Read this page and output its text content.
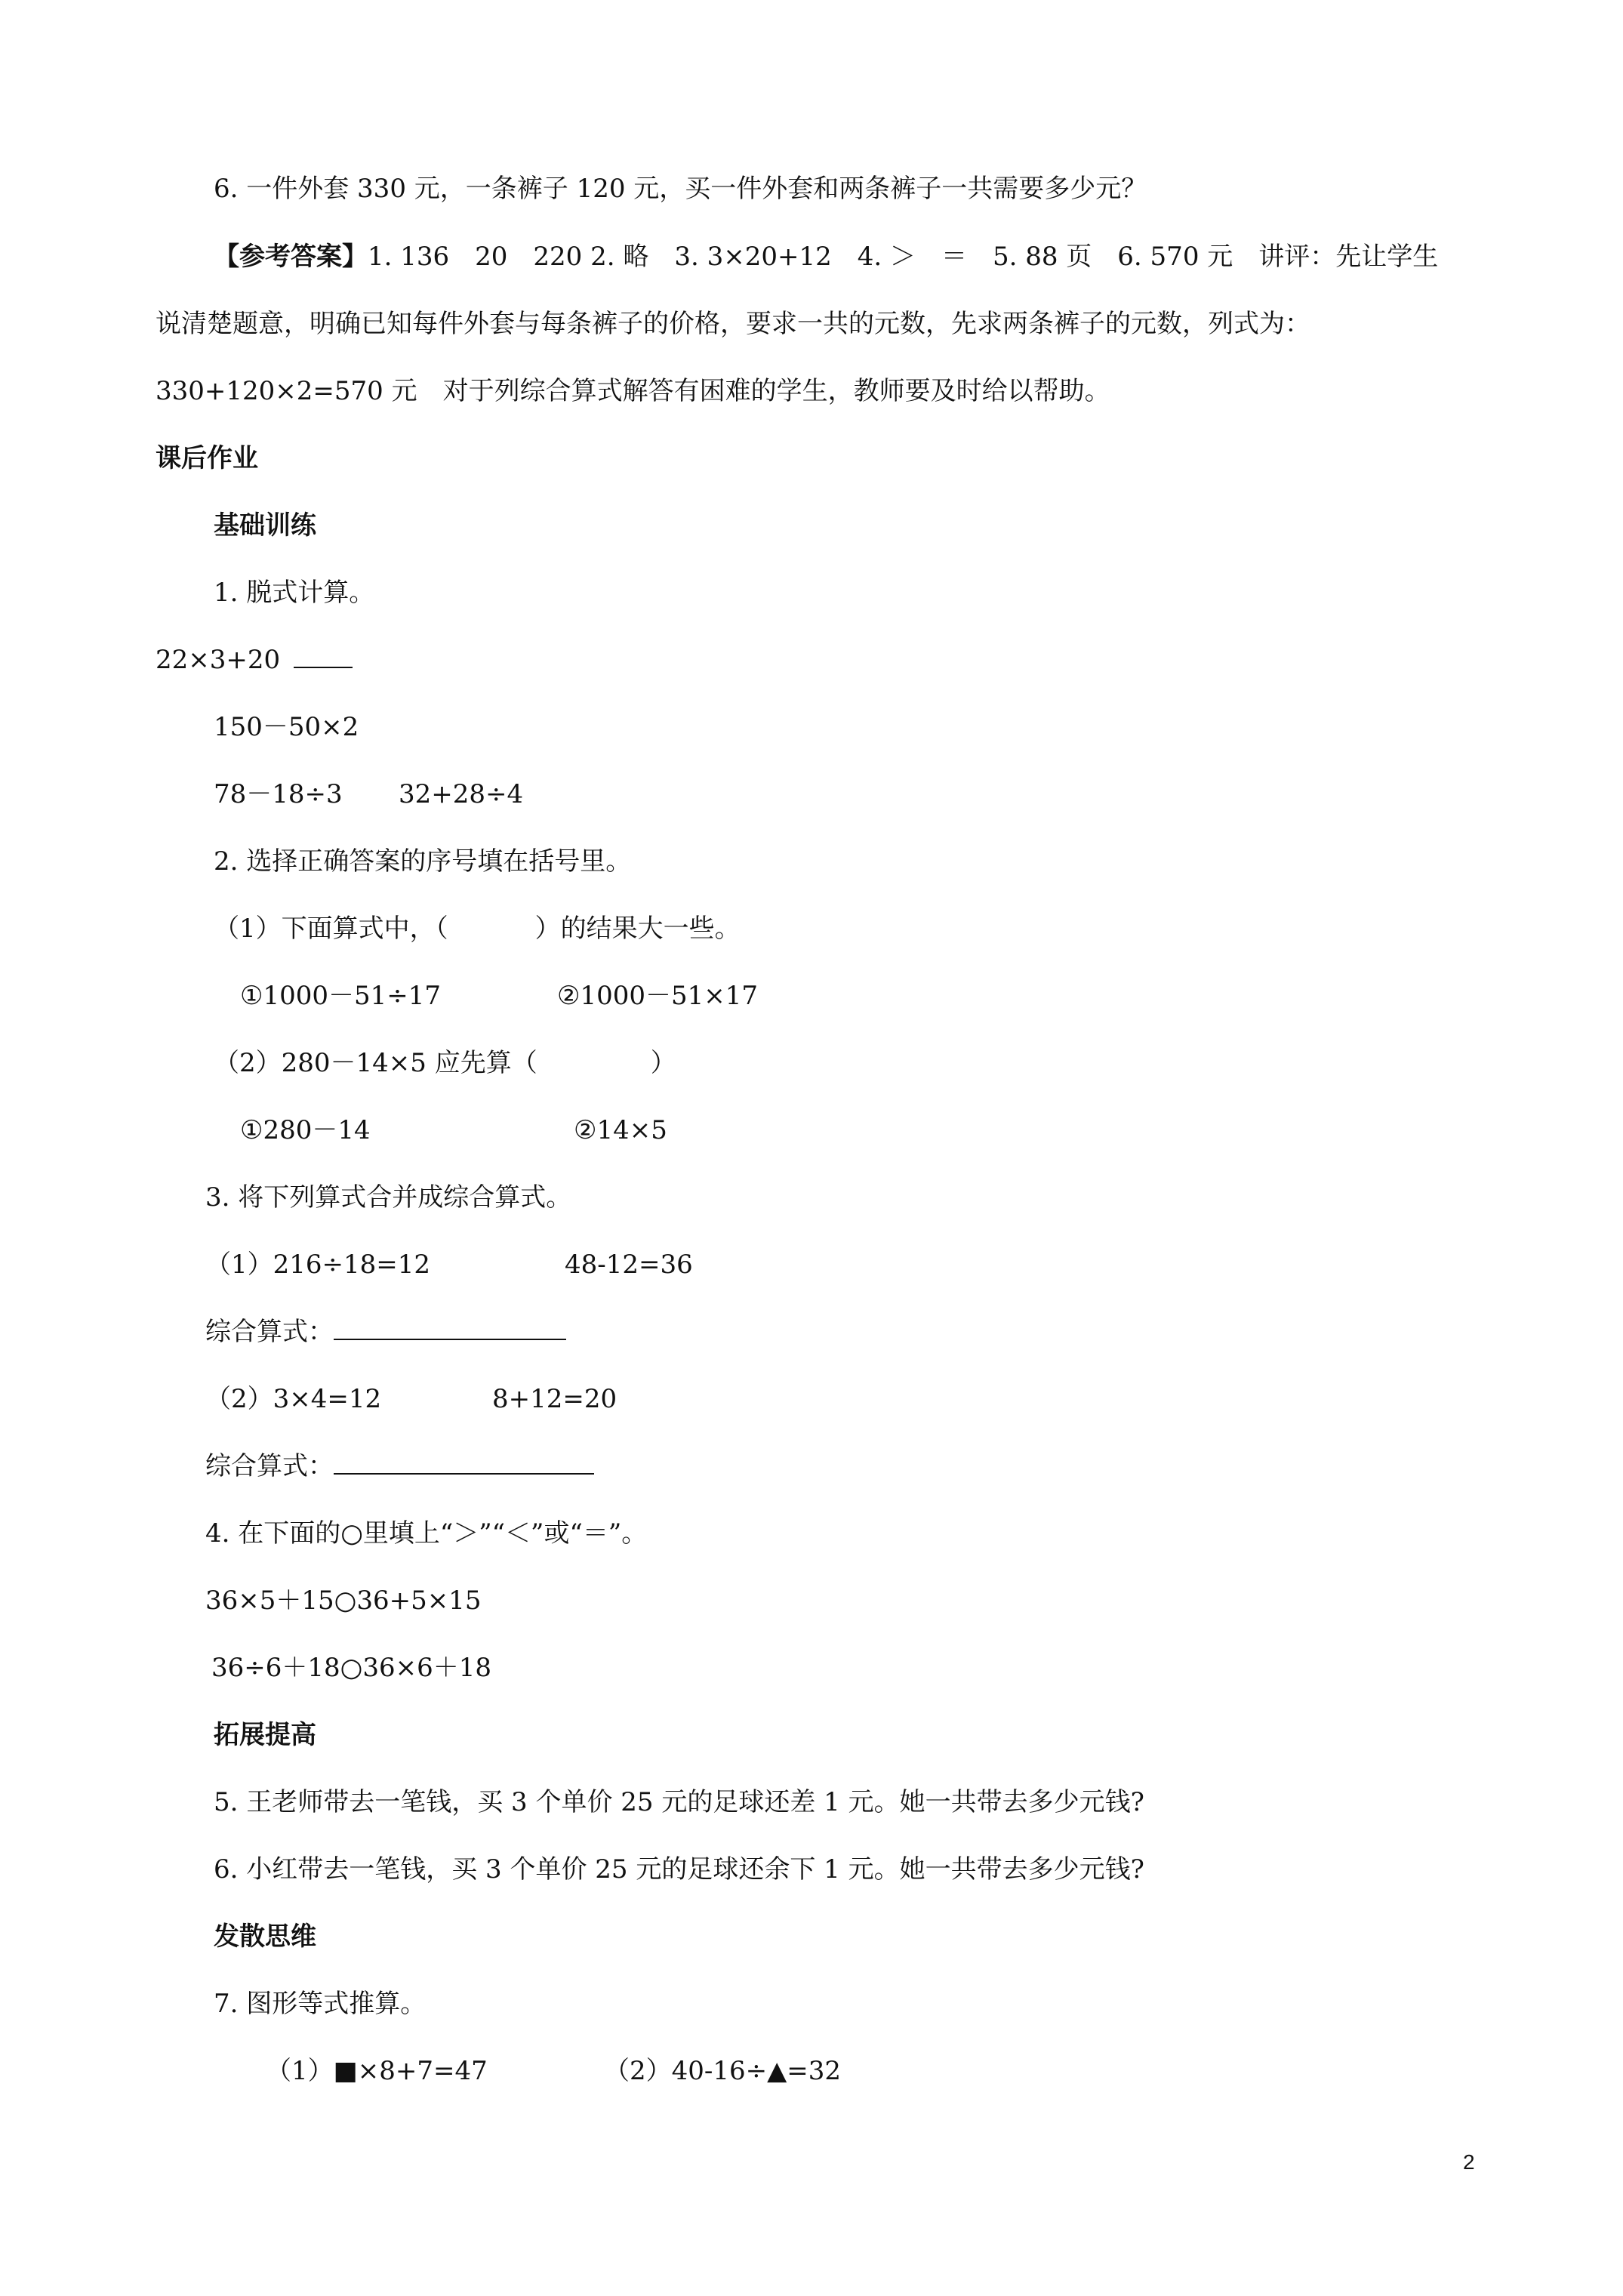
6. 一件外套 330 元，一条裤子 120 元，买一件外套和两条裤子一共需要多少元？
【参考答案】1. 136　20　220 2. 略　3. 3×20+12　4. ＞　＝　5. 88 页　6. 570 元　讲评：先让学生
说清楚题意，明确已知每件外套与每条裤子的价格，要求一共的元数，先求两条裤子的元数，列式为：
330+120×2=570 元　对于列综合算式解答有困难的学生，教师要及时给以帮助。
课后作业
基础训练
1. 脱式计算。
22×3+20
150－50×2
78－18÷3 32+28÷4
2. 选择正确答案的序号填在括号里。
（1）下面算式中，（	）的结果大一些。
①1000－51÷17	②1000－51×17
（2）280－14×5 应先算（	）
①280－14	②14×5
3. 将下列算式合并成综合算式。
（1）216÷18=12	48-12=36
综合算式：
（2）3×4=12	8+12=20
综合算式：
4. 在下面的○里填上“＞”“＜”或“＝”。
36×5＋15○36+5×15
36÷6＋18○36×6＋18
拓展提高
5. 王老师带去一笔钱，买 3 个单价 25 元的足球还差 1 元。她一共带去多少元钱?
6. 小红带去一笔钱，买 3 个单价 25 元的足球还余下 1 元。她一共带去多少元钱?
发散思维
7. 图形等式推算。
（1）■×8+7=47	（2）40-16÷▲=32
2
